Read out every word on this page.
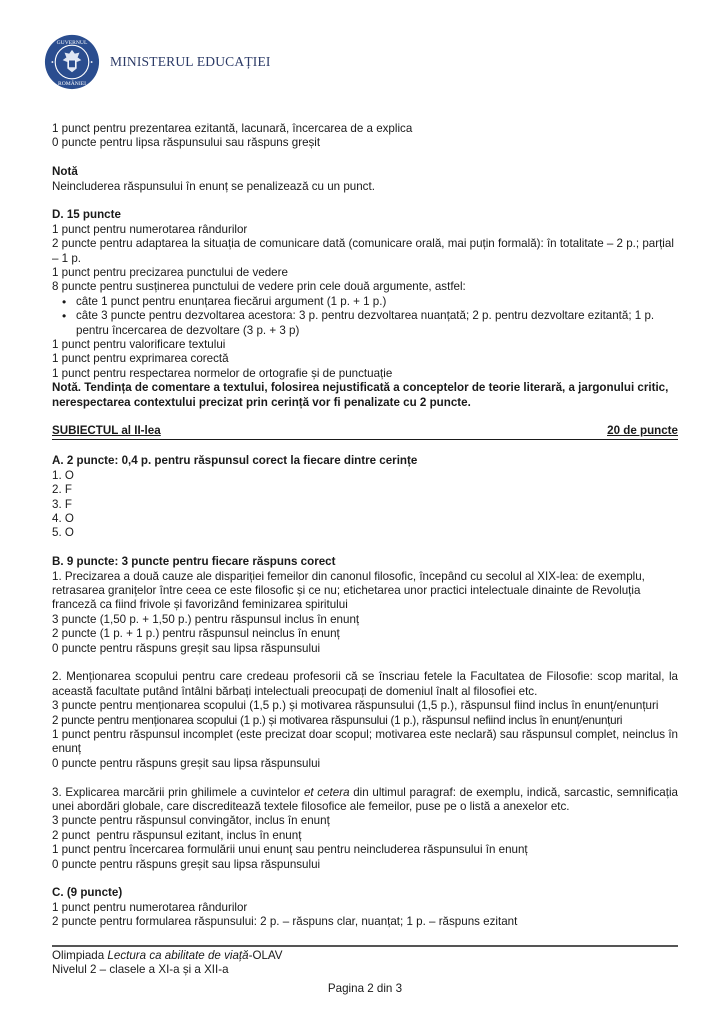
GUVERNUL
ROMÂNIEI
MINISTERUL EDUCAȚIEI
1 punct pentru prezentarea ezitantă, lacunară, încercarea de a explica
0 puncte pentru lipsa răspunsului sau răspuns greșit
Notă
Neincluderea răspunsului în enunț se penalizează cu un punct.
D. 15 puncte
1 punct pentru numerotarea rândurilor
2 puncte pentru adaptarea la situația de comunicare dată (comunicare orală, mai puțin formală): în totalitate – 2 p.; parțial – 1 p.
1 punct pentru precizarea punctului de vedere
8 puncte pentru susținerea punctului de vedere prin cele două argumente, astfel:
• câte 1 punct pentru enunțarea fiecărui argument (1 p. + 1 p.)
• câte 3 puncte pentru dezvoltarea acestora: 3 p. pentru dezvoltarea nuanțată; 2 p. pentru dezvoltare ezitantă; 1 p. pentru încercarea de dezvoltare (3 p. + 3 p)
1 punct pentru valorificare textului
1 punct pentru exprimarea corectă
1 punct pentru respectarea normelor de ortografie și de punctuație
Notă. Tendința de comentare a textului, folosirea nejustificată a conceptelor de teorie literară, a jargonului critic, nerespectarea contextului precizat prin cerință vor fi penalizate cu 2 puncte.
SUBIECTUL al II-lea	20 de puncte
A. 2 puncte: 0,4 p. pentru răspunsul corect la fiecare dintre cerințe
1. O
2. F
3. F
4. O
5. O
B. 9 puncte: 3 puncte pentru fiecare răspuns corect
1. Precizarea a două cauze ale dispariției femeilor din canonul filosofic, începând cu secolul al XIX-lea: de exemplu, retrasarea granițelor între ceea ce este filosofic și ce nu; etichetarea unor practici intelectuale dinainte de Revoluția franceză ca fiind frivole și favorizând feminizarea spiritului
3 puncte (1,50 p. + 1,50 p.) pentru răspunsul inclus în enunț
2 puncte (1 p. + 1 p.) pentru răspunsul neinclus în enunț
0 puncte pentru răspuns greșit sau lipsa răspunsului
2. Menționarea scopului pentru care credeau profesorii că se înscriau fetele la Facultatea de Filosofie: scop marital, la această facultate putând întâlni bărbați intelectuali preocupați de domeniul înalt al filosofiei etc.
3 puncte pentru menționarea scopului (1,5 p.) și motivarea răspunsului (1,5 p.), răspunsul fiind inclus în enunț/enunțuri
2 puncte pentru menționarea scopului (1 p.) și motivarea răspunsului (1 p.), răspunsul nefiind inclus în enunț/enunțuri
1 punct pentru răspunsul incomplet (este precizat doar scopul; motivarea este neclară) sau răspunsul complet, neinclus în enunț
0 puncte pentru răspuns greșit sau lipsa răspunsului
3. Explicarea marcării prin ghilimele a cuvintelor et cetera din ultimul paragraf: de exemplu, indică, sarcastic, semnificația unei abordări globale, care discreditează textele filosofice ale femeilor, puse pe o listă a anexelor etc.
3 puncte pentru răspunsul convingător, inclus în enunț
2 punct  pentru răspunsul ezitant, inclus în enunț
1 punct pentru încercarea formulării unui enunț sau pentru neincluderea răspunsului în enunț
0 puncte pentru răspuns greșit sau lipsa răspunsului
C. (9 puncte)
1 punct pentru numerotarea rândurilor
2 puncte pentru formularea răspunsului: 2 p. – răspuns clar, nuanțat; 1 p. – răspuns ezitant
Olimpiada Lectura ca abilitate de viață-OLAV
Nivelul 2 – clasele a XI-a și a XII-a
Pagina 2 din 3
